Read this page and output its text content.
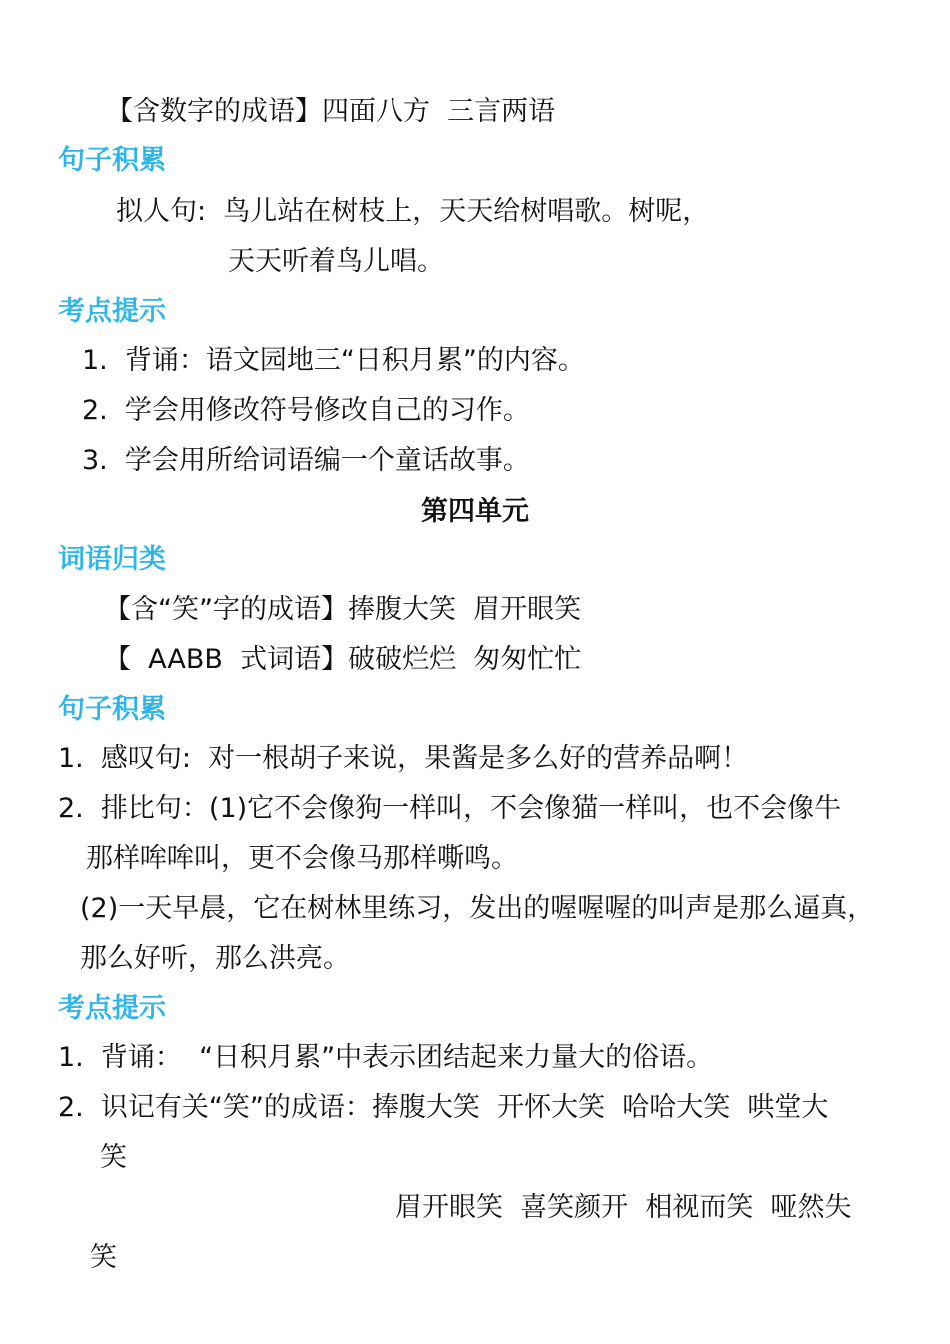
【含数字的成语】四面八方  三言两语
句子积累
拟人句:  鸟儿站在树枝上，天天给树唱歌。树呢，
天天听着鸟儿唱。
考点提示
1.  背诵：语文园地三“日积月累”的内容。
2.  学会用修改符号修改自己的习作。
3.  学会用所给词语编一个童话故事。
第四单元
词语归类
【含“笑”字的成语】捧腹大笑  眉开眼笑
【  AABB  式词语】破破烂烂  匆匆忙忙
句子积累
1.  感叹句:  对一根胡子来说，果酱是多么好的营养品啊！
2.  排比句：(1)它不会像狗一样叫，不会像猫一样叫，也不会像牛
那样哞哞叫，更不会像马那样嘶鸣。
(2)一天早晨，它在树林里练习，发出的喔喔喔的叫声是那么逼真，
那么好听，那么洪亮。
考点提示
1.  背诵：  “日积月累”中表示团结起来力量大的俗语。
2.  识记有关“笑”的成语：捧腹大笑  开怀大笑  哈哈大笑  哄堂大
笑
眉开眼笑  喜笑颜开  相视而笑  哑然失
笑
